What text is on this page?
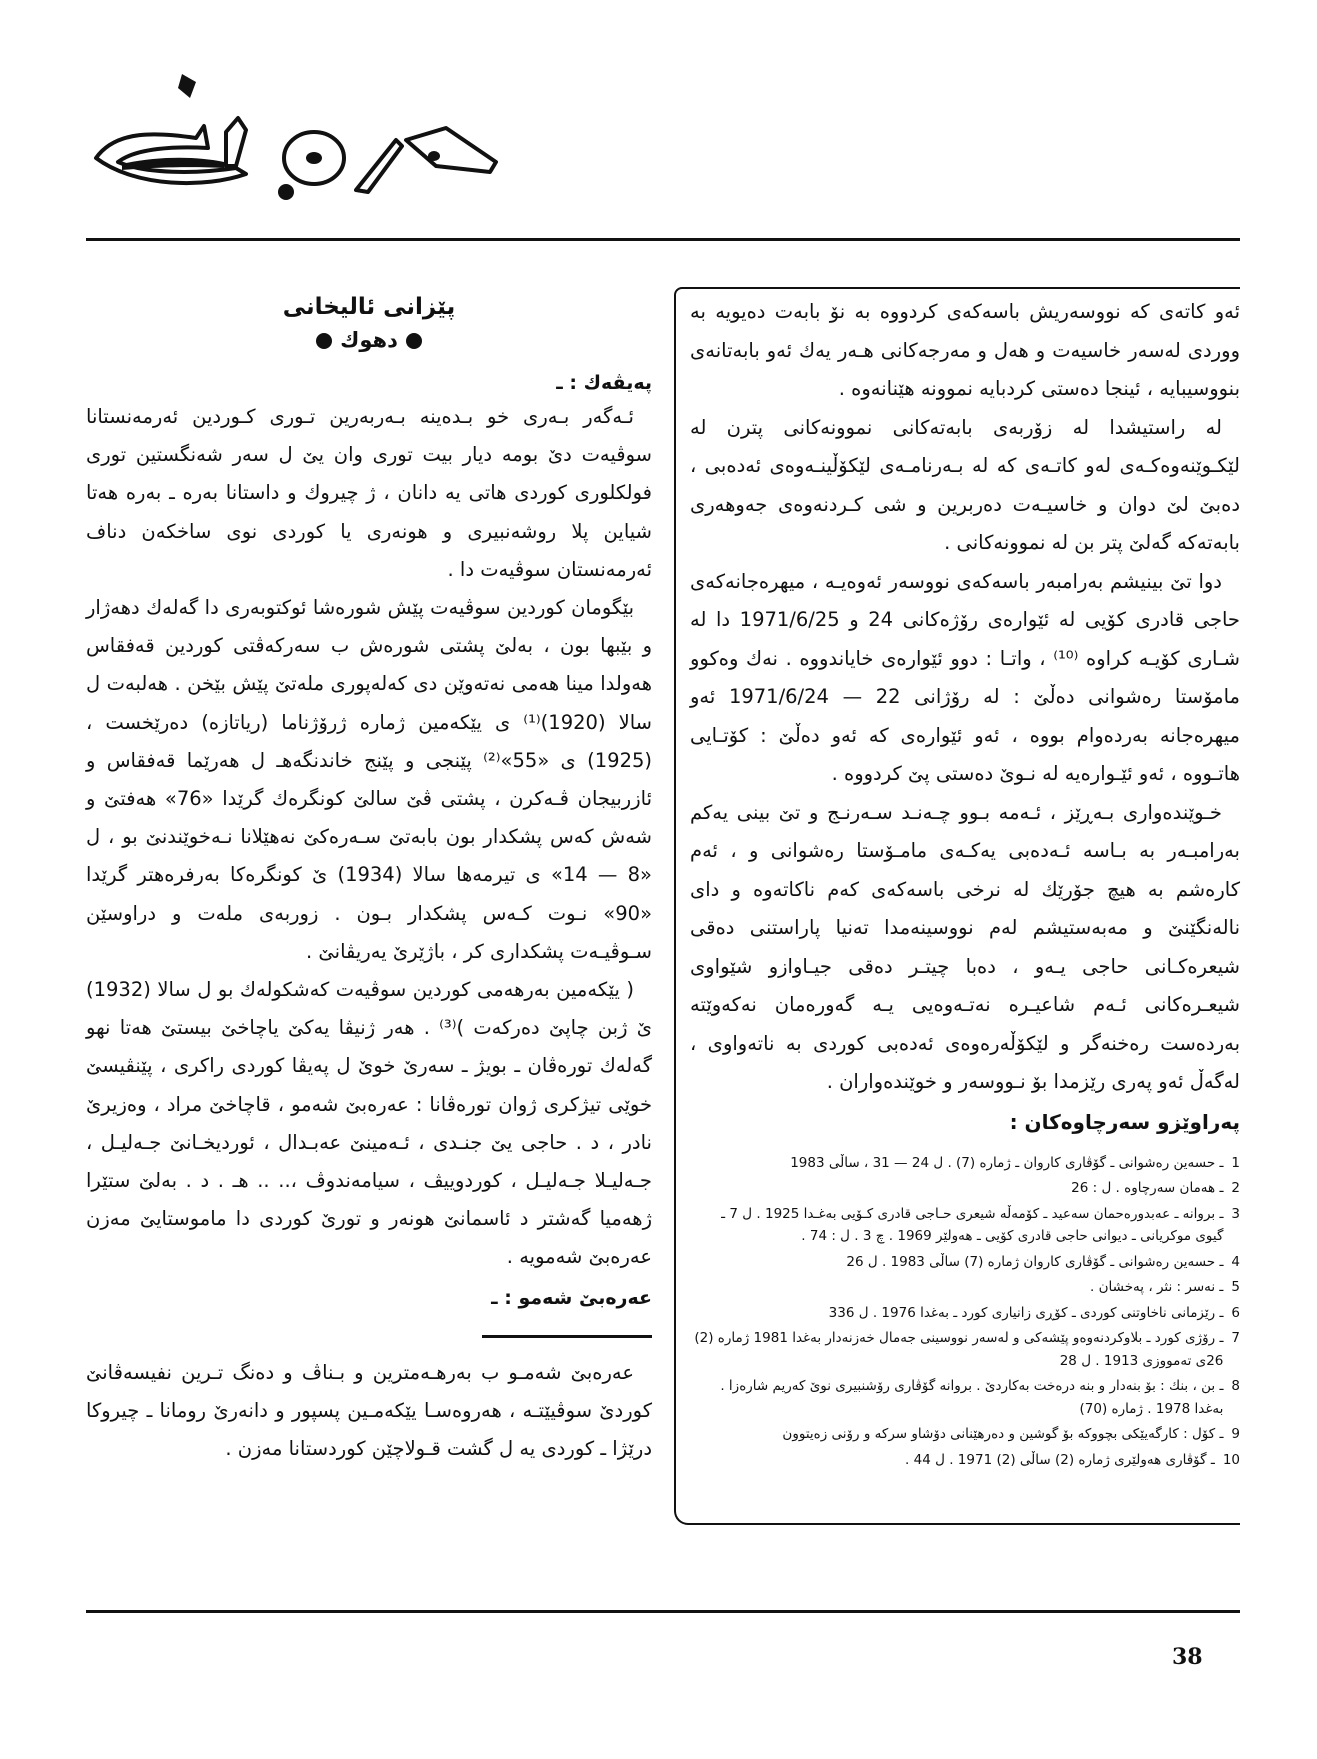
پێزانی ئالیخانی

دهوك

پەیڤەك : ـ

ئـەگەر بـەری خو بـدەینە بـەربەرین تـوری کـوردین ئەرمەنستانا سوڤیەت دێ بومە دیار بیت توری وان یێ ل سەر شەنگستین توری فولکلوری کوردی هاتی یە دانان ، ژ چیروك و داستانا بەرە ـ بەرە هەتا شیاین پلا روشەنبیری و هونەری یا کوردی نوی ساخکەن دناف ئەرمەنستان سوڤیەت دا .

بێگومان کوردین سوڤیەت پێش شورەشا ئوکتوبەری دا گەلەك دهەژار و بێبها بون ، بەلێ پشتی شورەش ب سەرکەڤتی کوردین قەفقاس هەولدا مینا هەمی نەتەوێن دی کەلەپوری ملەتێ پێش بێخن . هەلبەت ل سالا (1920)⁽¹⁾ ی یێکەمین ژمارە ژرۆژناما (ریاتازە) دەرێخست ، (1925) ی «55»⁽²⁾ پێنجی و پێنج خاندنگەهـ ل هەرێما قەفقاس و ئازربیجان ڤـەکرن ، پشتی ڤێ سالێ کونگرەك گرێدا «76» هەفتێ و شەش کەس پشکدار بون بابەتێ سـەرەکێ نەهێلانا نـەخوێندنێ بو ، ل «8 — 14» ی تیرمەها سالا (1934) ێ کونگرەکا بەرفرەهتر گرێدا «90» نـوت کـەس پشکدار بـون . زوربەی ملەت و دراوسێن سـوڤیـەت پشکداری کر ، باژێرێ یەریڤانێ .

( یێکەمین بەرهەمی کوردین سوڤیەت کەشکولەك بو ل سالا (1932) ێ ژبن چاپێ دەرکەت )⁽³⁾ . هەر ژنیڤا یەکێ یاچاخێ بیستێ هەتا نهو گەلەك تورەڤان ـ بویژ ـ سەرێ خوێ ل پەیڤا کوردی راکری ، پێنڤیسێ خوێی تیژکری ژوان تورەڤانا : عەرەبێ شەمو ، قاچاخێ مراد ، وەزیرێ نادر ، د . حاجی یێ جنـدی ، ئـەمینێ عەبـدال ، ئوردیخـانێ جـەلیـل ، جـەلیـلا جـەلیـل ، کوردوییڤ ، سیامەندوڤ ،.. .. هـ . د . بەلێ ستێرا ژهەمیا گەشتر د ئاسمانێ هونەر و تورێ کوردی دا ماموستایێ مەزن عەرەبێ شەمویە .

عەرەبێ شەمو : ـ

عەرەبێ شەمـو ب بەرهـەمترین و بـناڤ و دەنگ تـرین نفیسەڤانێ کوردێ سوڤیێتـە ، هەروەسـا یێکەمـین پسپور و دانەرێ رومانا ـ چیروکا درێژا ـ کوردی یە ل گشت قـولاچێن کوردستانا مەزن .

ئەو کاتەی کە نووسەریش باسەکەی کردووە بە نۆ بابەت دەیویە بە ووردی لەسەر خاسیەت و هەل و مەرجەکانی هـەر یەك ئەو بابەتانەی بنووسیبایە ، ئینجا دەستی کردبایە نموونە هێنانەوە .

لە راستیشدا لە زۆربەی بابەتەکانی نموونەکانی پترن لە لێکـوێنەوەکـەی لەو کاتـەی کە لە بـەرنامـەی لێکۆڵینـەوەی ئەدەبی ، دەبێ لێ دوان و خاسیـەت دەربرین و شی کـردنەوەی جەوهەری بابەتەکە گەلێ پتر بن لە نموونەکانی .

دوا تێ بینیشم بەرامبەر باسەکەی نووسەر ئەوەیـە ، میهرەجانەکەی حاجی قادری کۆیی لە ئێوارەی رۆژەکانی 24 و 1971/6/25 دا لە شـاری کۆیـە کراوە ⁽¹⁰⁾ ، واتـا : دوو ئێوارەی خایاندووە . نەك وەکوو مامۆستا رەشوانی دەڵێ : لە رۆژانی 22 — 1971/6/24 ئەو میهرەجانە بەردەوام بووە ، ئەو ئێوارەی کە ئەو دەڵێ : کۆتـایی هاتـووە ، ئەو ئێـوارەیە لە نـوێ دەستی پێ کردووە .

خـوێندەواری بـەڕێز ، ئـەمە بـوو چـەنـد سـەرنـج و تێ بینی یەکم بەرامبـەر بە بـاسە ئـەدەبی یەکـەی مامـۆستا رەشوانی و ، ئەم کارەشم بە هیچ جۆرێك لە نرخی باسەکەی کەم ناکاتەوە و دای نالەنگێنێ و مەبەستیشم لەم نووسینەمدا تەنیا پاراستنی دەقی شیعرەکـانی حاجی یـەو ، دەبا چیتـر دەقی جیـاوازو شێواوی شیعـرەکانی ئـەم شاعیـرە نەتـەوەیی یـە گەورەمان نەکەوێتە بەردەست رەخنەگر و لێکۆڵەرەوەی ئەدەبی کوردی بە ناتەواوی ، لەگەڵ ئەو پەری رێزمدا بۆ نـووسەر و خوێندەواران .

پەراوێزو سەرچاوەکان :
1
ـ حسەین رەشوانی ـ گۆڤاری کاروان ـ ژمارە (7) . ل 24 — 31 ، ساڵی 1983
2
ـ هەمان سەرچاوە . ل : 26
3
ـ بروانە ـ عەبدورەحمان سەعید ـ کۆمەڵە شیعری حـاجی قادری کـۆیی بەغـدا 1925 . ل 7 ـ گیوی موکریانی ـ دیوانی حاجی قادری کۆیی ـ هەولێر 1969 . چ 3 . ل : 74 .
4
ـ حسەین رەشوانی ـ گۆڤاری کاروان ژمارە (7) ساڵی 1983 . ل 26
5
ـ نەسر : نثر ، پەخشان .
6
ـ رێزمانی ناخاوتنی کوردی ـ کۆڕی زانیاری کورد ـ بەغدا 1976 . ل 336
7
ـ رۆژی کورد ـ بلاوکردنەوەو پێشەکی و لەسەر نووسینی جەمال خەزنەدار بەغدا 1981 ژمارە (2) 26ی تەمووزی 1913 . ل 28
8
ـ بن ، بنك : بۆ بنەدار و بنە درەخت بەکاردێ . بروانە گۆڤاری رۆشنبیری نوێ کەریم شارەزا . بەغدا 1978 . ژمارە (70)
9
ـ کۆل : کارگەیێکی بچووکە بۆ گوشین و دەرهێنانی دۆشاو سرکە و رۆنی زەیتوون
10
ـ گۆڤاری هەولێری ژمارە (2) ساڵی (2) 1971 . ل 44 .
38
